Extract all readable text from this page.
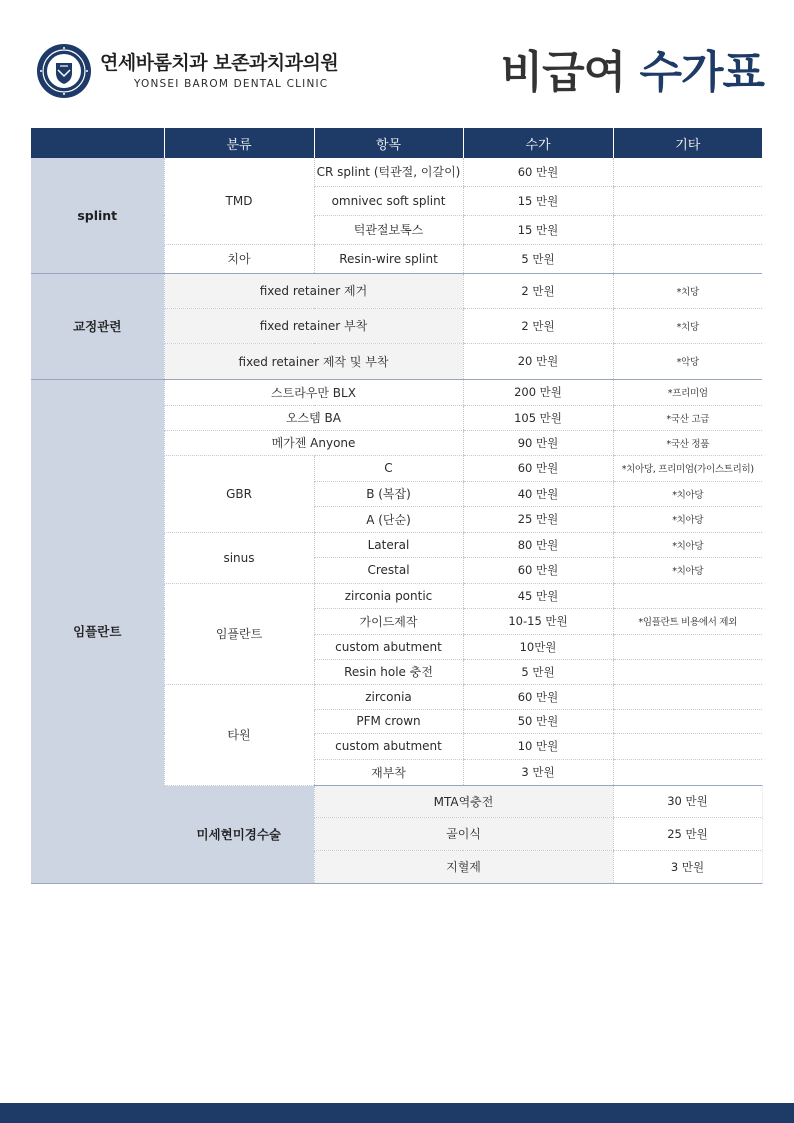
연세바롬치과 보존과치과의원
YONSEI BAROM DENTAL CLINIC	비급여 수가표
	분류	항목	수가	기타	
splint	TMD	CR splint (턱관절, 이갈이)	60 만원		
		omnivec soft splint	15 만원		
		턱관절보톡스	15 만원		
	치아	Resin-wire splint	5 만원		
교정관련	fixed retainer 제거		2 만원	*치당	
	fixed retainer 부착		2 만원	*치당	
	fixed retainer 제작 및 부착		20 만원	*악당	
임플란트	스트라우만 BLX		200 만원	*프리미엄	
	오스템 BA		105 만원	*국산 고급	
	메가젠 Anyone		90 만원	*국산 정품	
	GBR	C	60 만원	*치아당, 프리미엄(가이스트리히)	
		B (복잡)	40 만원	*치아당	
		A (단순)	25 만원	*치아당	
	sinus	Lateral	80 만원	*치아당	
		Crestal	60 만원	*치아당	
	임플란트	zirconia pontic	45 만원		
		가이드제작	10-15 만원	*임플란트 비용에서 제외	
		custom abutment	10만원		
		Resin hole 충전	5 만원		
	타원	zirconia	60 만원		
		PFM crown	50 만원		
		custom abutment	10 만원		
		재부착	3 만원		
	미세현미경수술	MTA역충전		30 만원	
		골이식		25 만원	
		지혈제		3 만원	
